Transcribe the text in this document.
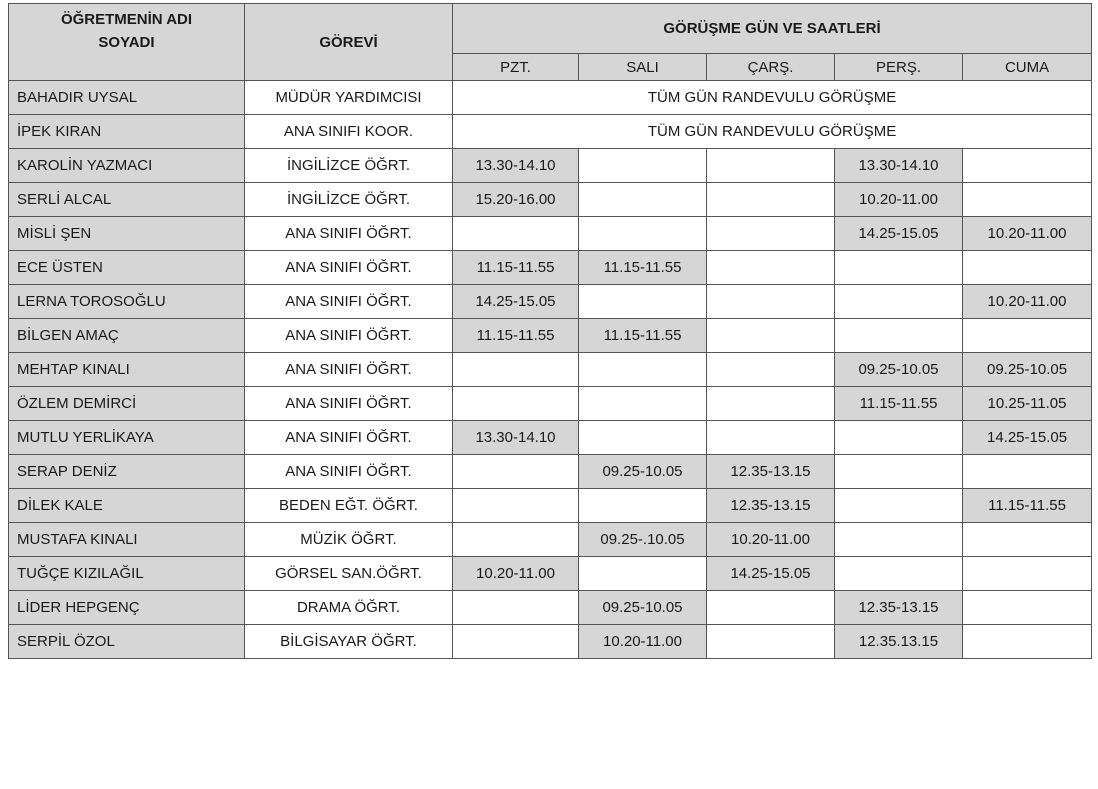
ÖĞRETMENİN ADI SOYADI	GÖREVİ	GÖRÜŞME GÜN VE SAATLERİ				
		PZT.	SALI	ÇARŞ.	PERŞ.	CUMA
BAHADIR UYSAL	MÜDÜR YARDIMCISI	TÜM GÜN RANDEVULU GÖRÜŞME				
İPEK KIRAN	ANA SINIFI KOOR.	TÜM GÜN RANDEVULU GÖRÜŞME				
KAROLİN YAZMACI	İNGİLİZCE ÖĞRT.	13.30-14.10			13.30-14.10	
SERLİ ALCAL	İNGİLİZCE ÖĞRT.	15.20-16.00			10.20-11.00	
MİSLİ ŞEN	ANA SINIFI ÖĞRT.				14.25-15.05	10.20-11.00
ECE ÜSTEN	ANA SINIFI ÖĞRT.	11.15-11.55	11.15-11.55			
LERNA TOROSOĞLU	ANA SINIFI ÖĞRT.	14.25-15.05				10.20-11.00
BİLGEN AMAÇ	ANA SINIFI ÖĞRT.	11.15-11.55	11.15-11.55			
MEHTAP KINALI	ANA SINIFI ÖĞRT.				09.25-10.05	09.25-10.05
ÖZLEM DEMİRCİ	ANA SINIFI ÖĞRT.				11.15-11.55	10.25-11.05
MUTLU YERLİKAYA	ANA SINIFI ÖĞRT.	13.30-14.10				14.25-15.05
SERAP DENİZ	ANA SINIFI ÖĞRT.		09.25-10.05	12.35-13.15		
DİLEK KALE	BEDEN EĞT. ÖĞRT.			12.35-13.15		11.15-11.55
MUSTAFA KINALI	MÜZİK ÖĞRT.		09.25-.10.05	10.20-11.00		
TUĞÇE KIZILAĞIL	GÖRSEL SAN.ÖĞRT.	10.20-11.00		14.25-15.05		
LİDER HEPGENÇ	DRAMA ÖĞRT.		09.25-10.05		12.35-13.15	
SERPİL ÖZOL	BİLGİSAYAR ÖĞRT.		10.20-11.00		12.35.13.15	
